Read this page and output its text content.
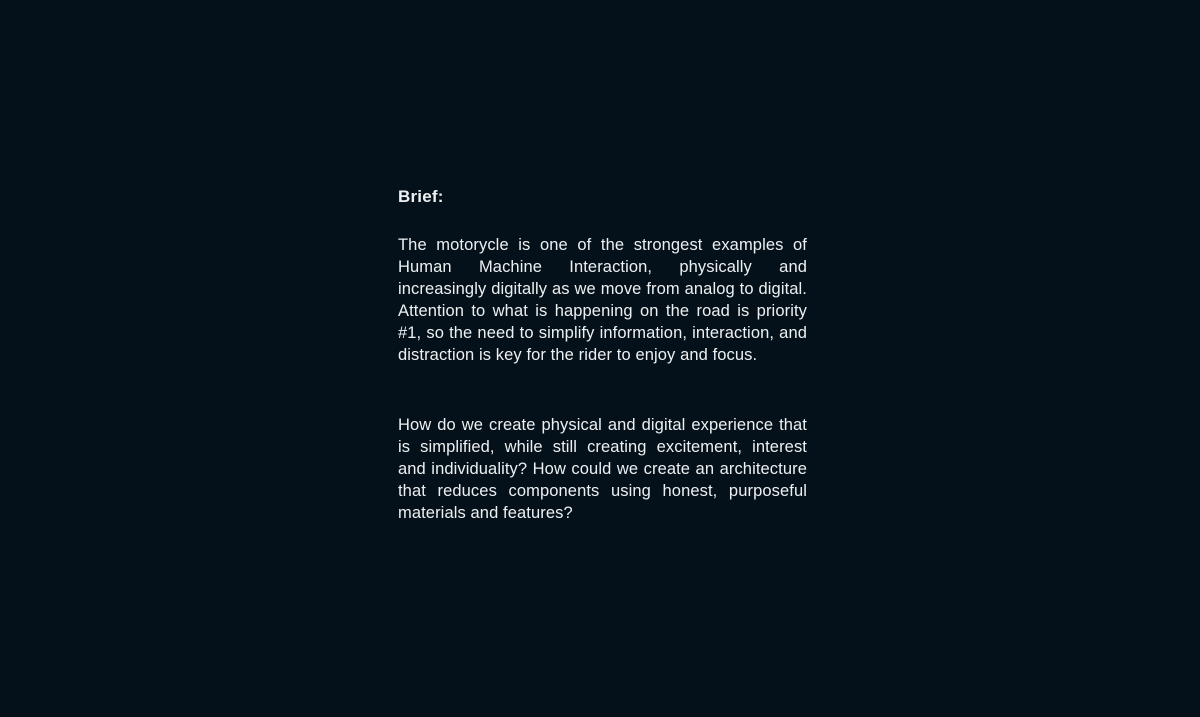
Brief:

The motorycle is one of the strongest examples of Human Machine Interaction, physically and increasingly digitally as we move from analog to digital. Attention to what is happening on the road is priority #1, so the need to simplify information, interaction, and distraction is key for the rider to enjoy and focus.

How do we create physical and digital experience that is simplified, while still creating excitement, interest and individuality? How could we create an architecture that reduces components using honest, purposeful materials and features?
